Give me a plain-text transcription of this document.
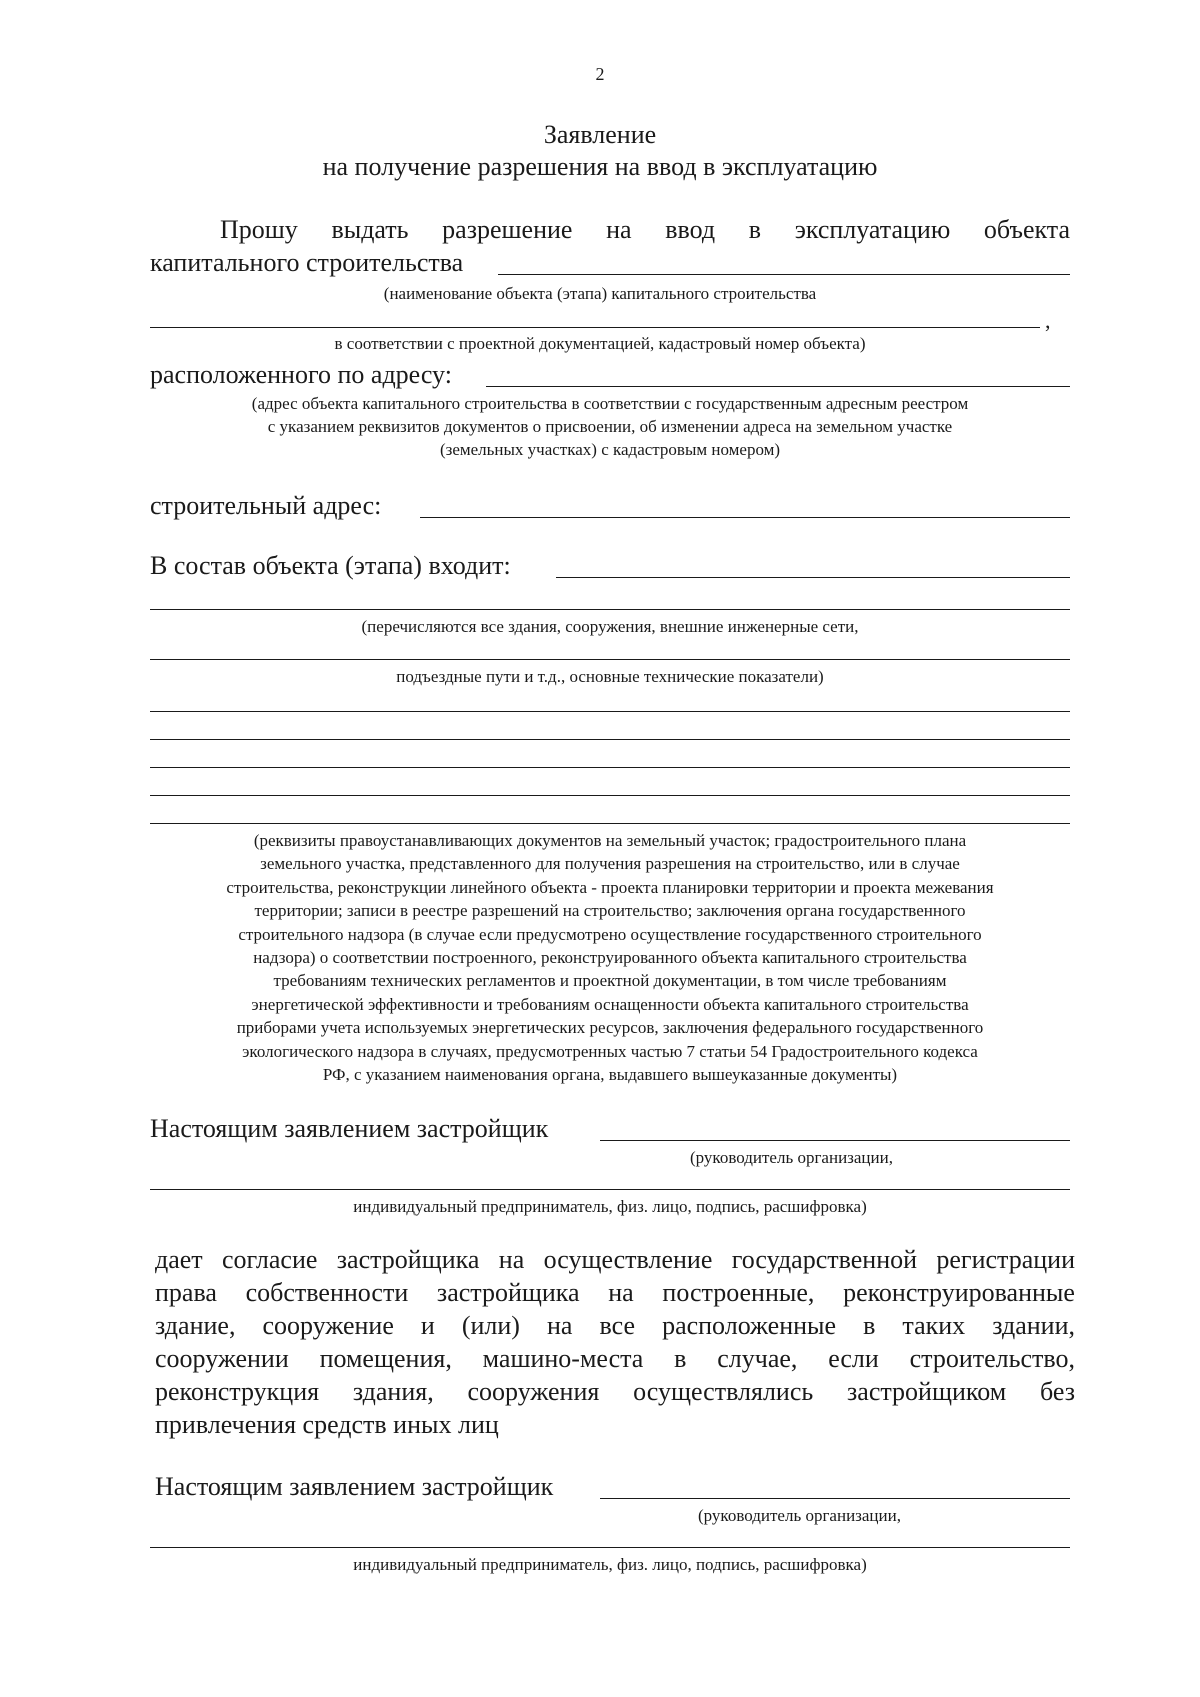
2
Заявление
на получение разрешения на ввод в эксплуатацию
Прошу выдать разрешение на ввод в эксплуатацию объекта
капитального строительства
(наименование объекта (этапа) капитального строительства
,
в соответствии с проектной документацией, кадастровый номер объекта)
расположенного по адресу:
(адрес объекта капитального строительства в соответствии с государственным адресным реестром
с указанием реквизитов документов о присвоении, об изменении адреса на земельном участке
(земельных участках) с кадастровым номером)
строительный адрес:
В состав объекта (этапа) входит:
(перечисляются все здания, сооружения, внешние инженерные сети,
подъездные пути и т.д., основные технические показатели)
(реквизиты правоустанавливающих документов на земельный участок; градостроительного плана
земельного участка, представленного для получения разрешения на строительство, или в случае
строительства, реконструкции линейного объекта - проекта планировки территории и проекта межевания
территории; записи в реестре разрешений на строительство; заключения органа государственного
строительного надзора (в случае если предусмотрено осуществление государственного строительного
надзора) о соответствии построенного, реконструированного объекта капитального строительства
требованиям технических регламентов и проектной документации, в том числе требованиям
энергетической эффективности и требованиям оснащенности объекта капитального строительства
приборами учета используемых энергетических ресурсов, заключения федерального государственного
экологического надзора в случаях, предусмотренных частью 7 статьи 54 Градостроительного кодекса
РФ, с указанием наименования органа, выдавшего вышеуказанные документы)
Настоящим заявлением застройщик
(руководитель организации,
индивидуальный предприниматель, физ. лицо, подпись, расшифровка)
дает согласие застройщика на осуществление государственной регистрации
права собственности застройщика на построенные, реконструированные
здание, сооружение и (или) на все расположенные в таких здании,
сооружении помещения, машино-места в случае, если строительство,
реконструкция здания, сооружения осуществлялись застройщиком без
привлечения средств иных лиц
Настоящим заявлением застройщик
(руководитель организации,
индивидуальный предприниматель, физ. лицо, подпись, расшифровка)
